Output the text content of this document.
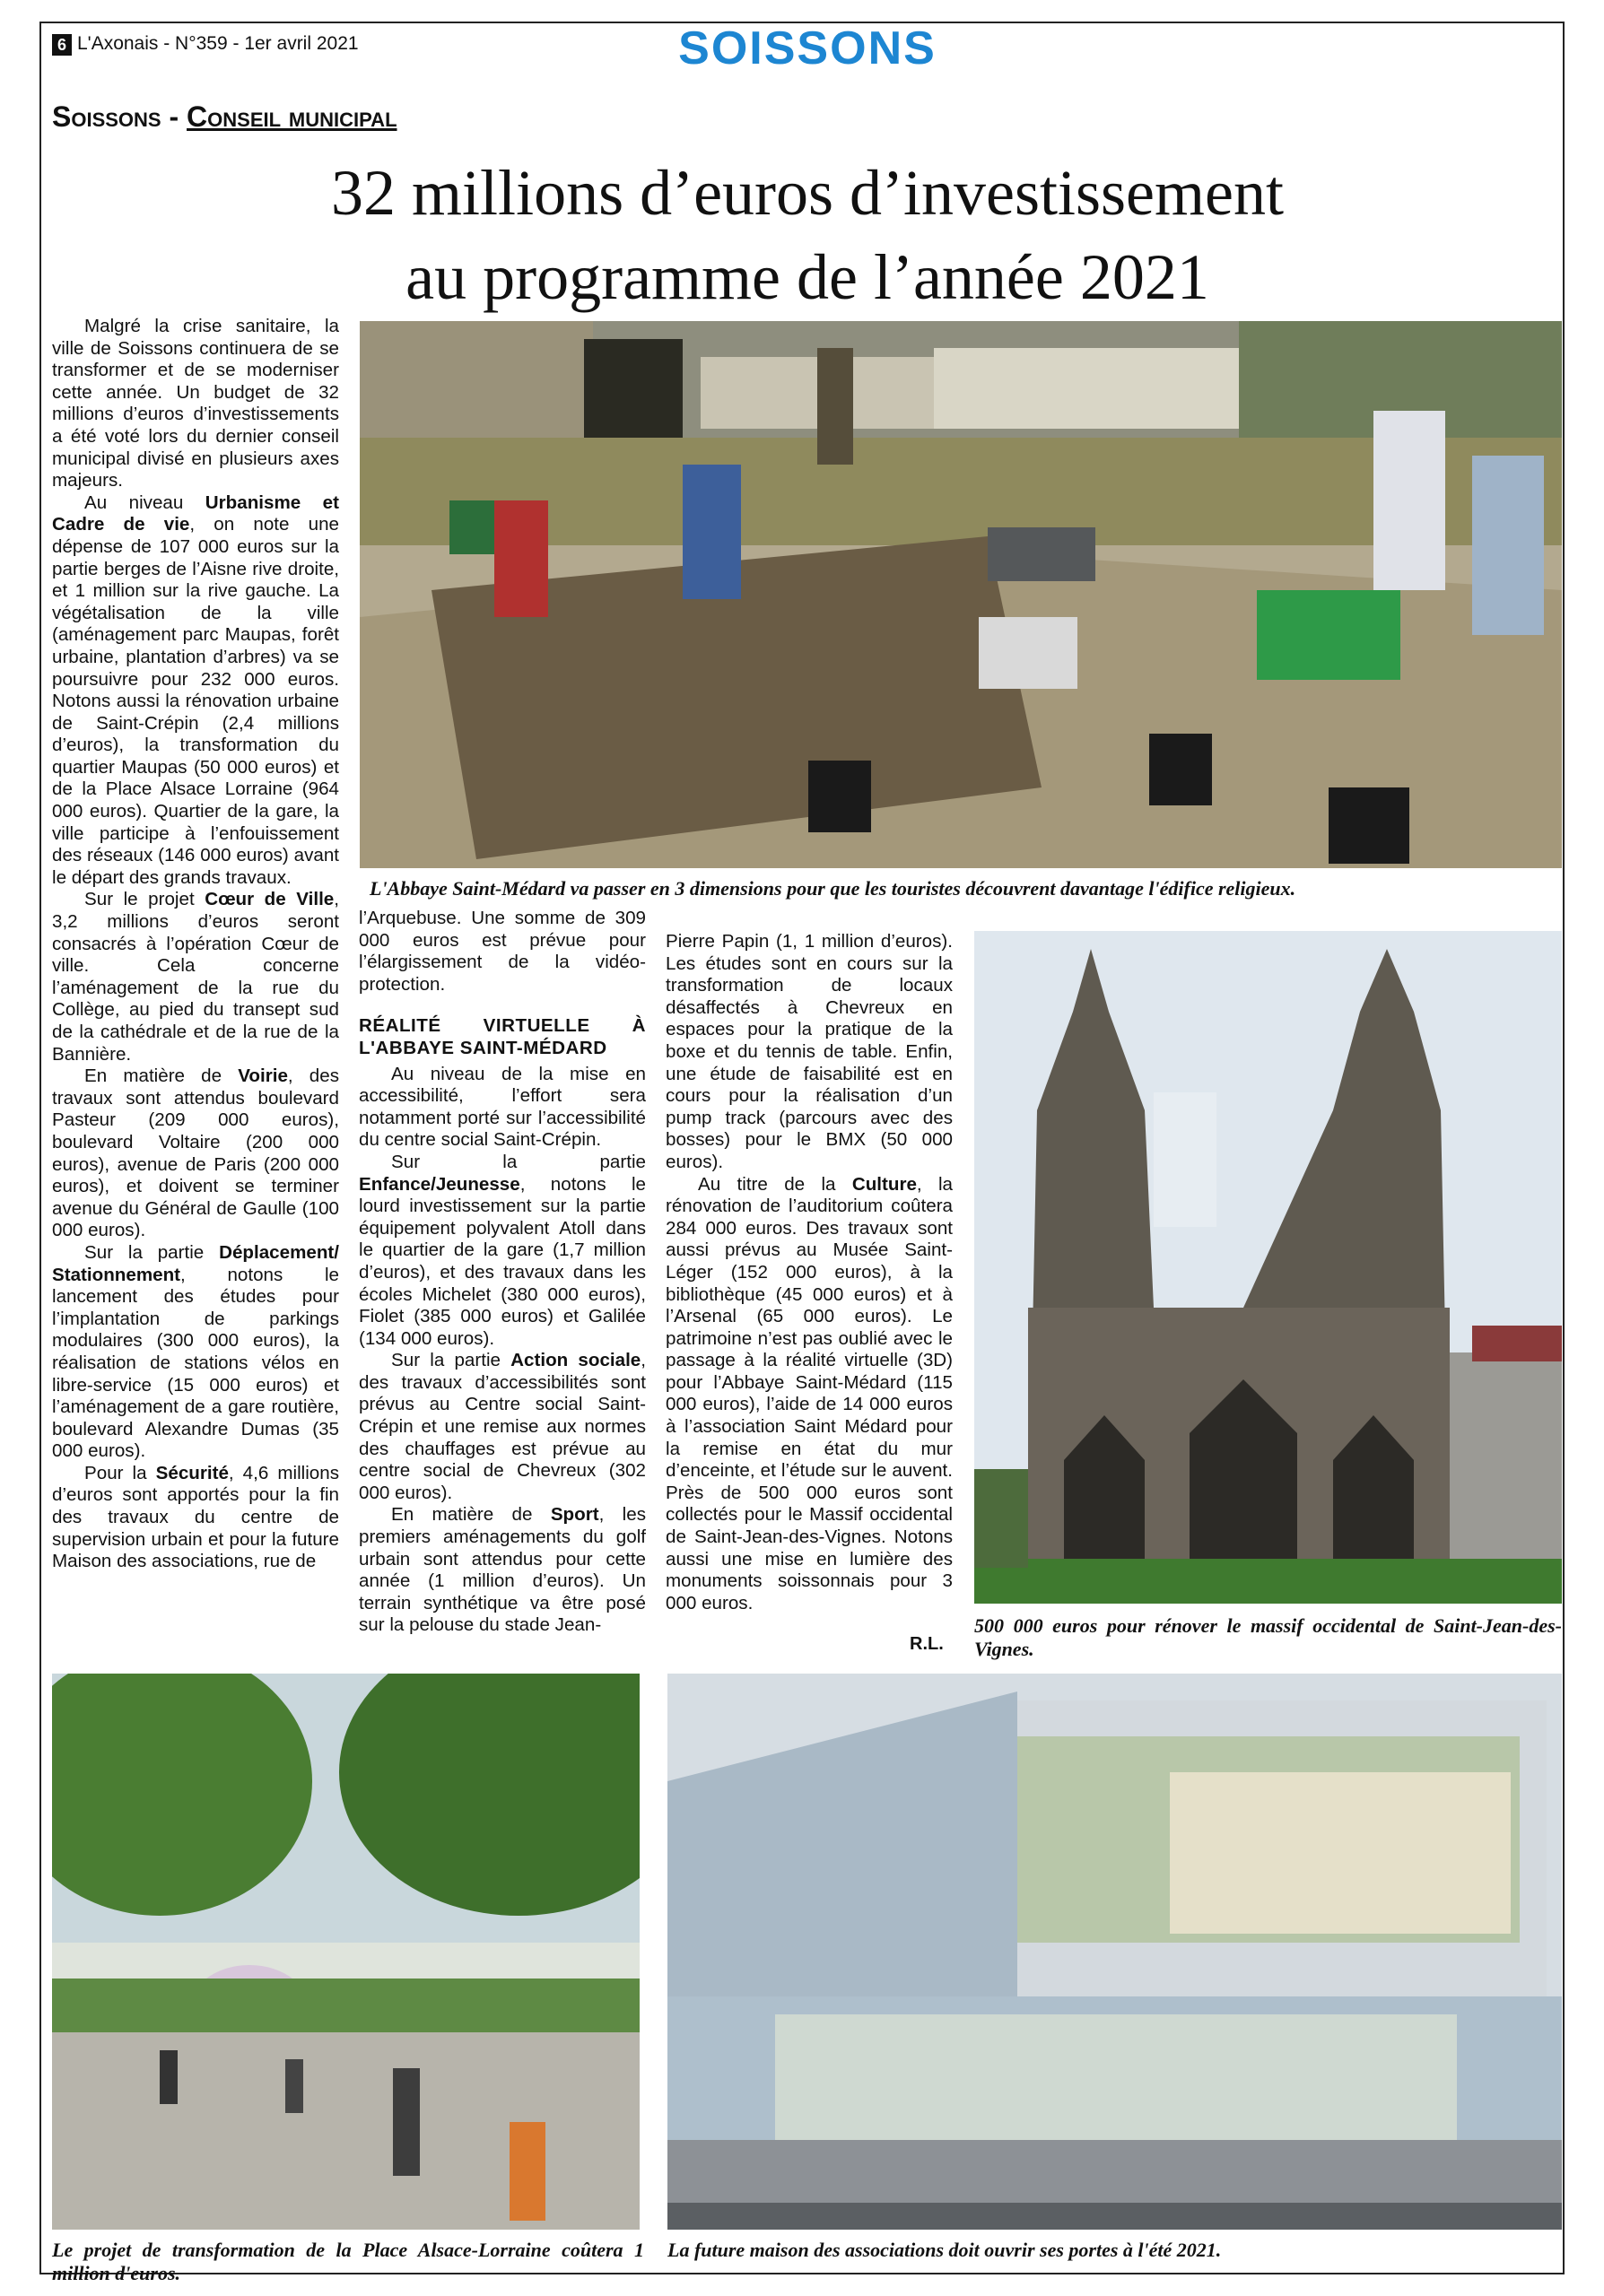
6 L'Axonais - N°359 - 1er avril 2021	SOISSONS
Soissons - Conseil municipal
32 millions d’euros d’investissement
au programme de l’année 2021

Malgré la crise sanitaire, la ville de Soissons continuera de se transformer et de se moderniser cette année. Un budget de 32 millions d’euros d’investissements a été voté lors du dernier conseil municipal divisé en plusieurs axes majeurs.

Au niveau Urbanisme et Cadre de vie, on note une dépense de 107 000 euros sur la partie berges de l’Aisne rive droite, et 1 million sur la rive gauche. La végétalisation de la ville (aménagement parc Maupas, forêt urbaine, plantation d’arbres) va se poursuivre pour 232 000 euros. Notons aussi la rénovation urbaine de Saint-Crépin (2,4 millions d’euros), la transformation du quartier Maupas (50 000 euros) et de la Place Alsace Lorraine (964 000 euros). Quartier de la gare, la ville participe à l’enfouissement des réseaux (146 000 euros) avant le départ des grands travaux.

Sur le projet Cœur de Ville, 3,2 millions d’euros seront consacrés à l’opération Cœur de ville. Cela concerne l’aménagement de la rue du Collège, au pied du transept sud de la cathédrale et de la rue de la Bannière.

En matière de Voirie, des travaux sont attendus boulevard Pasteur (209 000 euros), boulevard Voltaire (200 000 euros), avenue de Paris (200 000 euros), et doivent se terminer avenue du Général de Gaulle (100 000 euros).

Sur la partie Déplacement/ Stationnement, notons le lancement des études pour l’implantation de parkings modulaires (300 000 euros), la réalisation de stations vélos en libre-service (15 000 euros) et l’aménagement de a gare routière, boulevard Alexandre Dumas (35 000 euros).

Pour la Sécurité, 4,6 millions d’euros sont apportés pour la fin des travaux du centre de supervision urbain et pour la future Maison des associations, rue de

L'Abbaye Saint-Médard va passer en 3 dimensions pour que les touristes découvrent davantage l'édifice religieux.

l’Arquebuse. Une somme de 309 000 euros est prévue pour l’élargissement de la vidéo-protection.

RÉALITÉ VIRTUELLE À L'ABBAYE SAINT-MÉDARD

Au niveau de la mise en accessibilité, l’effort sera notamment porté sur l’accessibilité du centre social Saint-Crépin.

Sur la partie Enfance/Jeunesse, notons le lourd investissement sur la partie équipement polyvalent Atoll dans le quartier de la gare (1,7 million d’euros), et des travaux dans les écoles Michelet (380 000 euros), Fiolet (385 000 euros) et Galilée (134 000 euros).

Sur la partie Action sociale, des travaux d’accessibilités sont prévus au Centre social Saint-Crépin et une remise aux normes des chauffages est prévue au centre social de Chevreux (302 000 euros).

En matière de Sport, les premiers aménagements du golf urbain sont attendus pour cette année (1 million d’euros). Un terrain synthétique va être posé sur la pelouse du stade Jean-

Pierre Papin (1, 1 million d’euros). Les études sont en cours sur la transformation de locaux désaffectés à Chevreux en espaces pour la pratique de la boxe et du tennis de table. Enfin, une étude de faisabilité est en cours pour la réalisation d’un pump track (parcours avec des bosses) pour le BMX (50 000 euros).

Au titre de la Culture, la rénovation de l’auditorium coûtera 284 000 euros. Des travaux sont aussi prévus au Musée Saint-Léger (152 000 euros), à la bibliothèque (45 000 euros) et à l’Arsenal (65 000 euros). Le patrimoine n’est pas oublié avec le passage à la réalité virtuelle (3D) pour l’Abbaye Saint-Médard (115 000 euros), l’aide de 14 000 euros à l’association Saint Médard pour la remise en état du mur d’enceinte, et l’étude sur le auvent. Près de 500 000 euros sont collectés pour le Massif occidental de Saint-Jean-des-Vignes. Notons aussi une mise en lumière des monuments soissonnais pour 3 000 euros.

R.L.
500 000 euros pour rénover le massif occidental de Saint-Jean-des-Vignes.
Le projet de transformation de la Place Alsace-Lorraine coûtera 1 million d'euros.
La future maison des associations doit ouvrir ses portes à l'été 2021.
